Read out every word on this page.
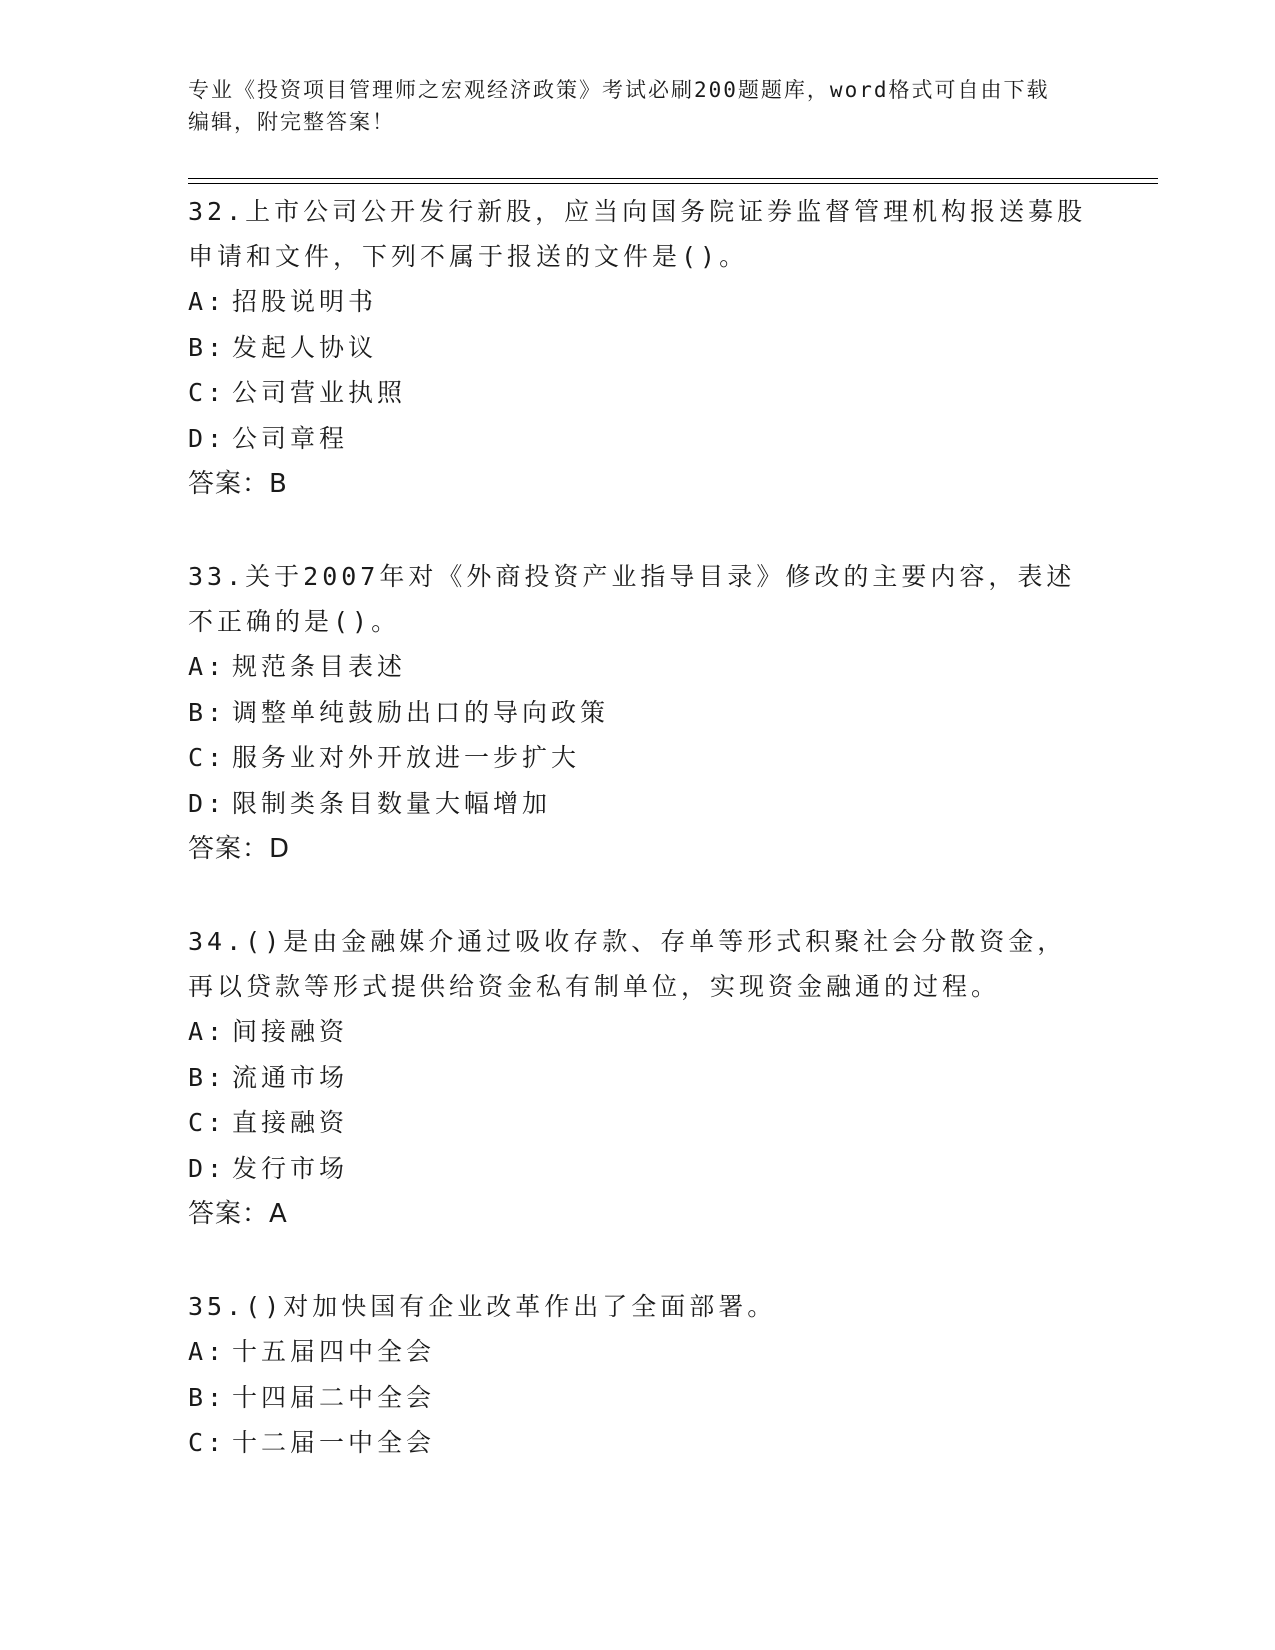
专业《投资项目管理师之宏观经济政策》考试必刷200题题库，word格式可自由下载编辑，附完整答案！

32.上市公司公开发行新股，应当向国务院证券监督管理机构报送募股申请和文件，下列不属于报送的文件是()。

A: 招股说明书

B: 发起人协议

C: 公司营业执照

D: 公司章程

答案：B

33.关于2007年对《外商投资产业指导目录》修改的主要内容，表述不正确的是()。

A: 规范条目表述

B: 调整单纯鼓励出口的导向政策

C: 服务业对外开放进一步扩大

D: 限制类条目数量大幅增加

答案：D

34.()是由金融媒介通过吸收存款、存单等形式积聚社会分散资金，再以贷款等形式提供给资金私有制单位，实现资金融通的过程。

A: 间接融资

B: 流通市场

C: 直接融资

D: 发行市场

答案：A

35.()对加快国有企业改革作出了全面部署。

A: 十五届四中全会

B: 十四届二中全会

C: 十二届一中全会
